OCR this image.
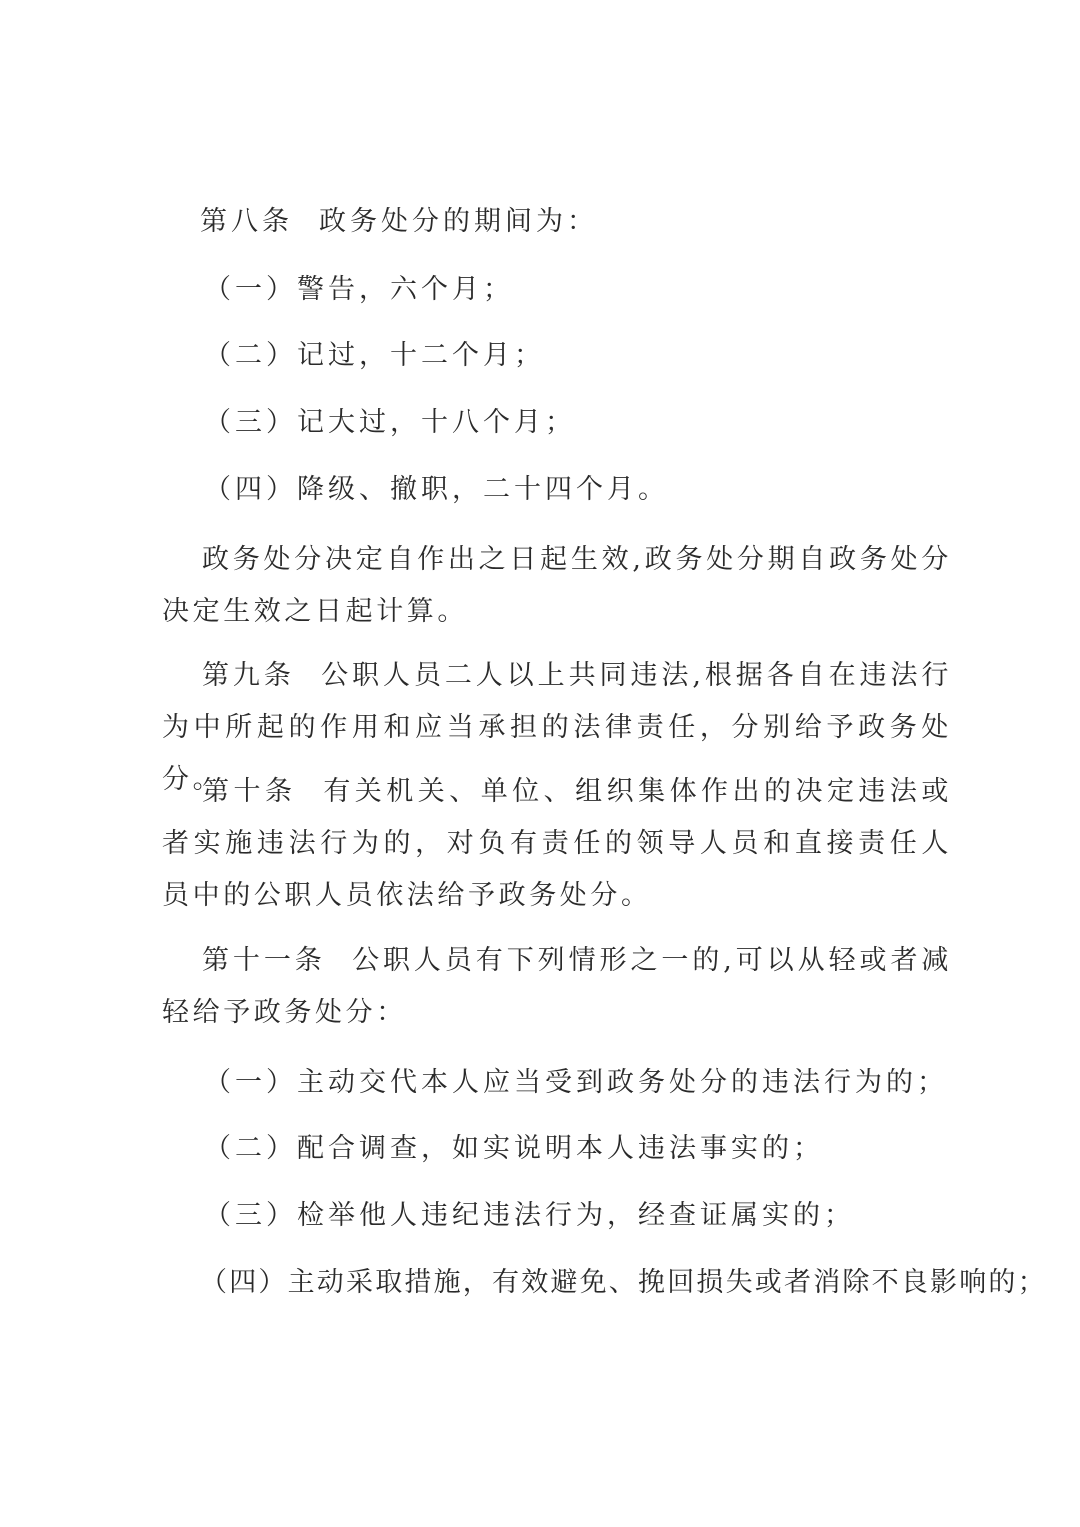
第八条 政务处分的期间为：
（一）警告，六个月；
（二）记过，十二个月；
（三）记大过，十八个月；
（四）降级、撤职，二十四个月。
政务处分决定自作出之日起生效,政务处分期自政务处分决定生效之日起计算。
第九条 公职人员二人以上共同违法,根据各自在违法行为中所起的作用和应当承担的法律责任，分别给予政务处分。
第十条 有关机关、单位、组织集体作出的决定违法或者实施违法行为的，对负有责任的领导人员和直接责任人员中的公职人员依法给予政务处分。
第十一条 公职人员有下列情形之一的,可以从轻或者减轻给予政务处分：
（一）主动交代本人应当受到政务处分的违法行为的；
（二）配合调查，如实说明本人违法事实的；
（三）检举他人违纪违法行为，经查证属实的；
（四）主动采取措施，有效避免、挽回损失或者消除不良影响的；
